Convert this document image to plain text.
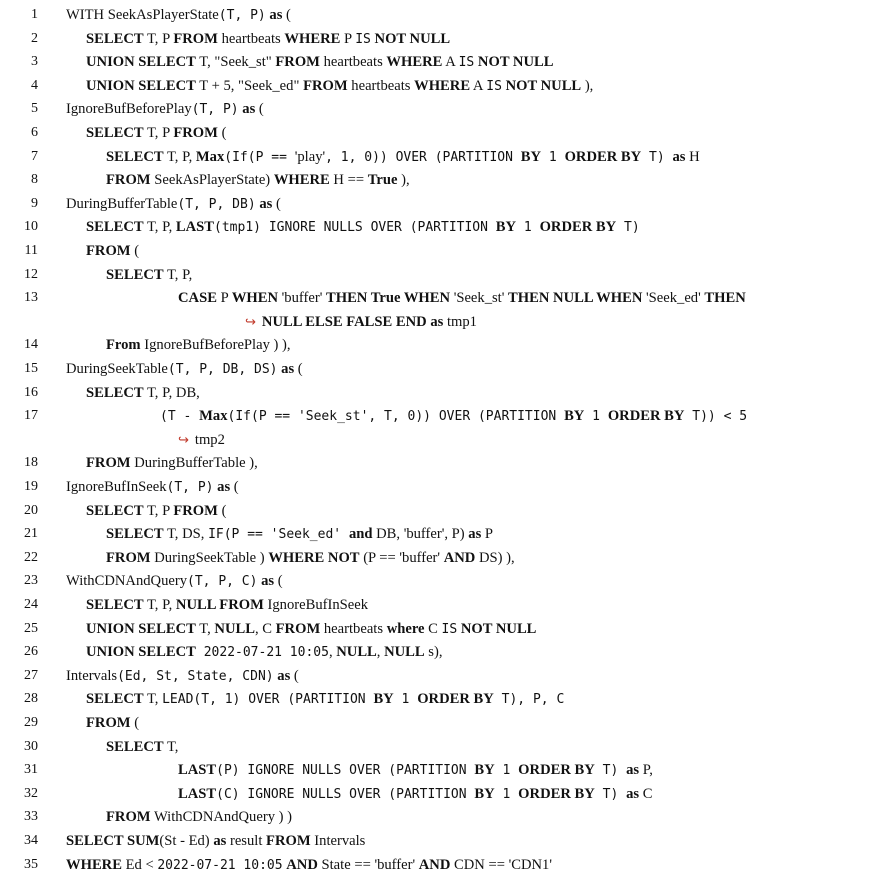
1 WITH SeekAsPlayerState(T, P) as (
2	SELECT T, P FROM heartbeats WHERE P IS NOT NULL
3	UNION SELECT T, "Seek_st" FROM heartbeats WHERE A IS NOT NULL
4	UNION SELECT T + 5, "Seek_ed" FROM heartbeats WHERE A IS NOT NULL ),
5 IgnoreBufBeforePlay(T, P) as (
6	SELECT T, P FROM (
7	SELECT T, P, Max(If(P == 'play', 1, 0)) OVER (PARTITION BY 1 ORDER BY T) as H
8	FROM SeekAsPlayerState) WHERE H == True ),
9 DuringBufferTable(T, P, DB) as (
10	SELECT T, P, LAST(tmp1) IGNORE NULLS OVER (PARTITION BY 1 ORDER BY T)
11	FROM (
12	SELECT T, P,
13	CASE P WHEN 'buffer' THEN True WHEN 'Seek_st' THEN NULL WHEN 'Seek_ed' THEN
↪ NULL ELSE FALSE END as tmp1
14	From IgnoreBufBeforePlay ) ),
15 DuringSeekTable(T, P, DB, DS) as (
16	SELECT T, P, DB,
17	(T - Max(If(P == 'Seek_st', T, 0)) OVER (PARTITION BY 1 ORDER BY T)) < 5
↪ tmp2
18	FROM DuringBufferTable ),
19 IgnoreBufInSeek(T, P) as (
20	SELECT T, P FROM (
21	SELECT T, DS, IF(P == 'Seek_ed' and DB, 'buffer', P) as P
22	FROM DuringSeekTable ) WHERE NOT (P == 'buffer' AND DS) ),
23 WithCDNAndQuery(T, P, C) as (
24	SELECT T, P, NULL FROM IgnoreBufInSeek
25	UNION SELECT T, NULL, C FROM heartbeats where C IS NOT NULL
26	UNION SELECT 2022-07-21 10:05, NULL, NULL s),
27 Intervals(Ed, St, State, CDN) as (
28	SELECT T, LEAD(T, 1) OVER (PARTITION BY 1 ORDER BY T), P, C
29	FROM (
30	SELECT T,
31	LAST(P) IGNORE NULLS OVER (PARTITION BY 1 ORDER BY T) as P,
32	LAST(C) IGNORE NULLS OVER (PARTITION BY 1 ORDER BY T) as C
33	FROM WithCDNAndQuery ) )
34 SELECT SUM(St - Ed) as result FROM Intervals
35 WHERE Ed < 2022-07-21 10:05 AND State == 'buffer' AND CDN == 'CDN1'
